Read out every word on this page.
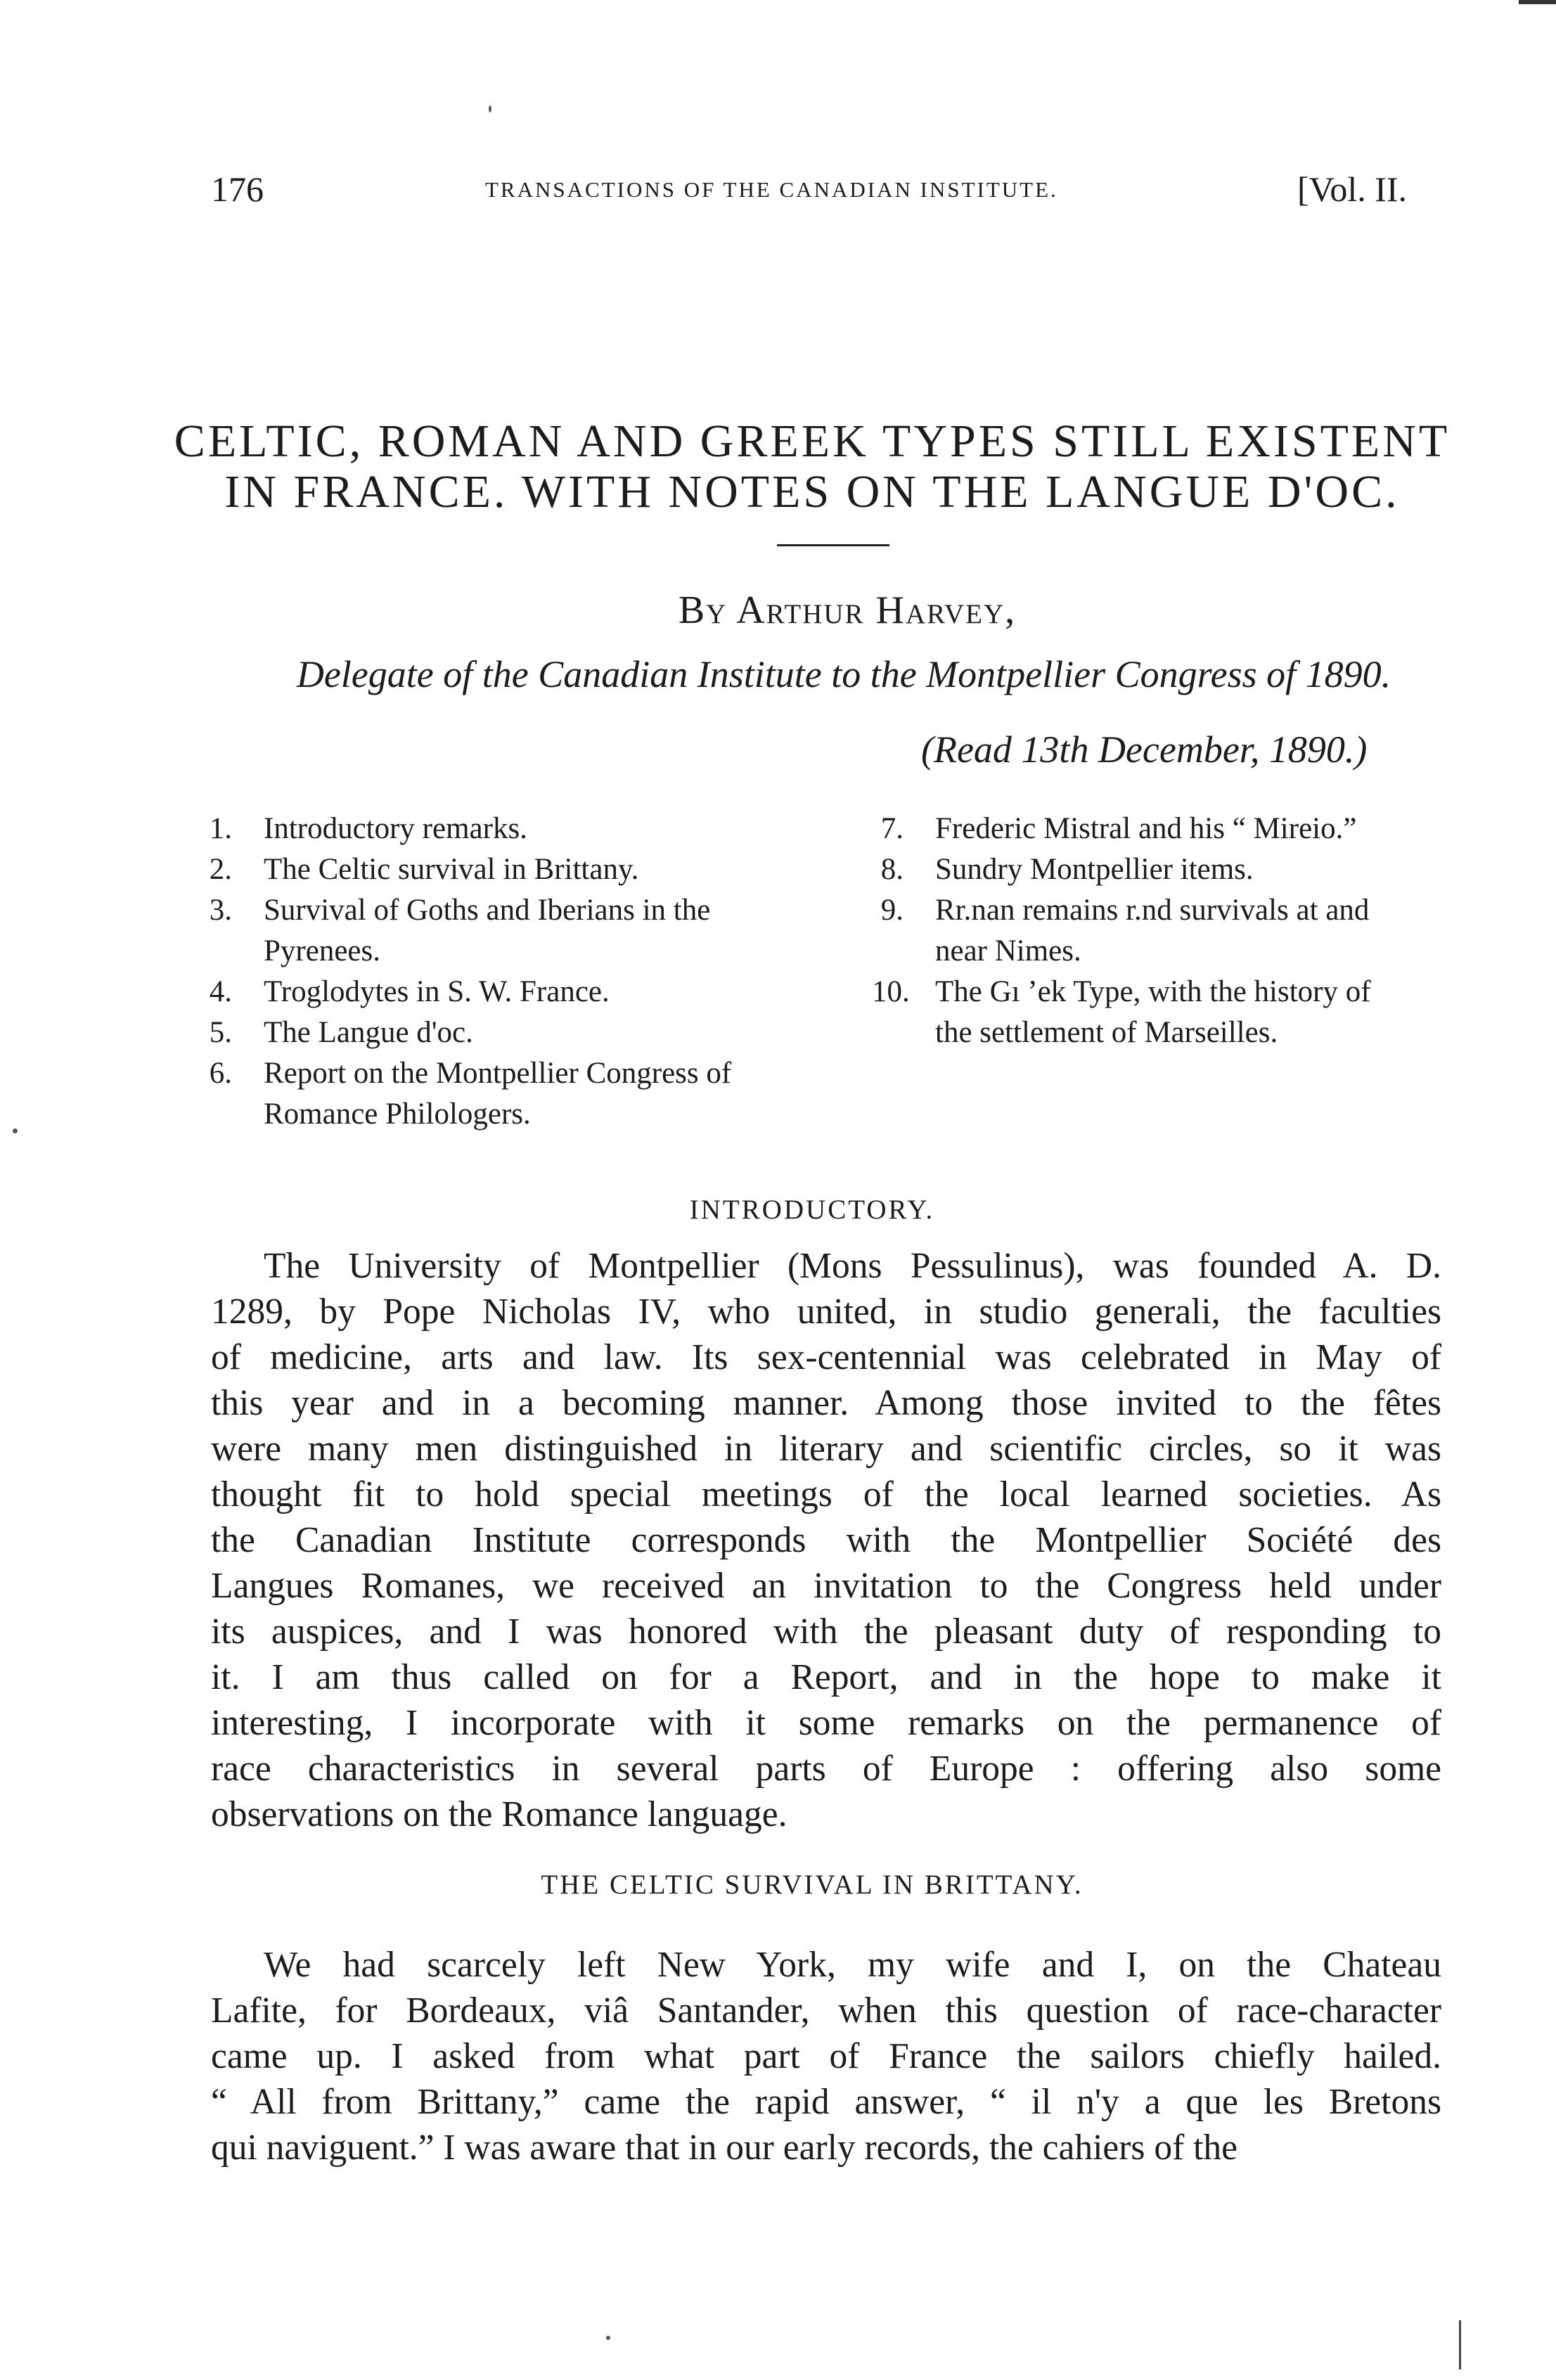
176	TRANSACTIONS OF THE CANADIAN INSTITUTE.	[Vol. II.
CELTIC, ROMAN AND GREEK TYPES STILL EXISTENT
IN FRANCE. WITH NOTES ON THE LANGUE D'OC.
By Arthur Harvey,
Delegate of the Canadian Institute to the Montpellier Congress of 1890.
(Read 13th December, 1890.)
1. Introductory remarks.
2. The Celtic survival in Brittany.
3. Survival of Goths and Iberians in the
Pyrenees.
4. Troglodytes in S. W. France.
5. The Langue d'oc.
6. Report on the Montpellier Congress of
Romance Philologers.
7. Frederic Mistral and his “ Mireio.”
8. Sundry Montpellier items.
9. Rr.nan remains r.nd survivals at and
near Nimes.
10. The Gı ʼek Type, with the history of
the settlement of Marseilles.
INTRODUCTORY.
The University of Montpellier (Mons Pessulinus), was founded A. D.
1289, by Pope Nicholas IV, who united, in studio generali, the faculties
of medicine, arts and law. Its sex-centennial was celebrated in May of
this year and in a becoming manner. Among those invited to the fêtes
were many men distinguished in literary and scientific circles, so it was
thought fit to hold special meetings of the local learned societies. As
the Canadian Institute corresponds with the Montpellier Société des
Langues Romanes, we received an invitation to the Congress held under
its auspices, and I was honored with the pleasant duty of responding to
it. I am thus called on for a Report, and in the hope to make it
interesting, I incorporate with it some remarks on the permanence of
race characteristics in several parts of Europe : offering also some
observations on the Romance language.
THE CELTIC SURVIVAL IN BRITTANY.
We had scarcely left New York, my wife and I, on the Chateau
Lafite, for Bordeaux, viâ Santander, when this question of race-character
came up. I asked from what part of France the sailors chiefly hailed.
“ All from Brittany,” came the rapid answer, “ il n'y a que les Bretons
qui naviguent.” I was aware that in our early records, the cahiers of the
